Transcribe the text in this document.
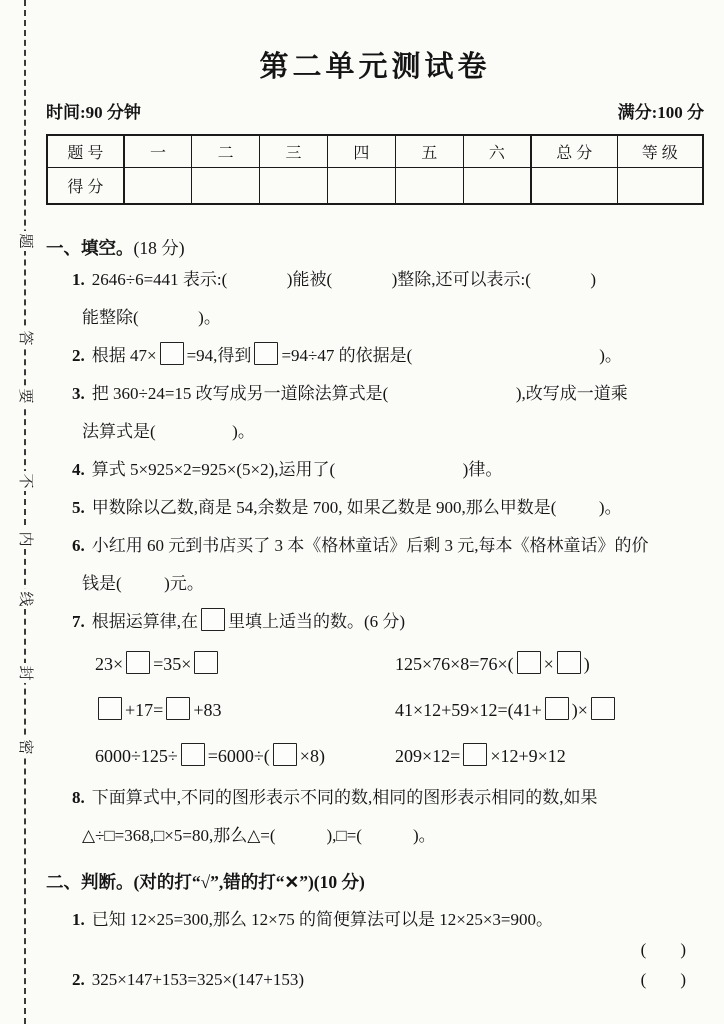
题
答
要
不
内
线
封
密
第二单元测试卷
时间:90 分钟	满分:100 分
题 号	一	二	三	四	五	六	总 分	等 级
得 分								
一、填空。(18 分)
1. 2646÷6=441 表示:(              )能被(              )整除,还可以表示:(              )
能整除(              )。
2. 根据 47× =94,得到 =94÷47 的依据是(                                            )。
3. 把 360÷24=15 改写成另一道除法算式是(                              ),改写成一道乘
法算式是(                  )。
4. 算式 5×925×2=925×(5×2),运用了(                              )律。
5. 甲数除以乙数,商是 54,余数是 700, 如果乙数是 900,那么甲数是(          )。
6. 小红用 60 元到书店买了 3 本《格林童话》后剩 3 元,每本《格林童话》的价
钱是(          )元。
7. 根据运算律,在 里填上适当的数。(6 分)
23× =35×	125×76×8=76×( × )
+17= +83	41×12+59×12=(41+ )×
6000÷125÷ =6000÷( ×8)	209×12= ×12+9×12
8. 下面算式中,不同的图形表示不同的数,相同的图形表示相同的数,如果
△÷□=368,□×5=80,那么△=(            ),□=(            )。
二、判断。(对的打“√”,错的打“✕”)(10 分)
1. 已知 12×25=300,那么 12×75 的简便算法可以是 12×25×3=900。
(        )
2. 325×147+153=325×(147+153)	(        )
